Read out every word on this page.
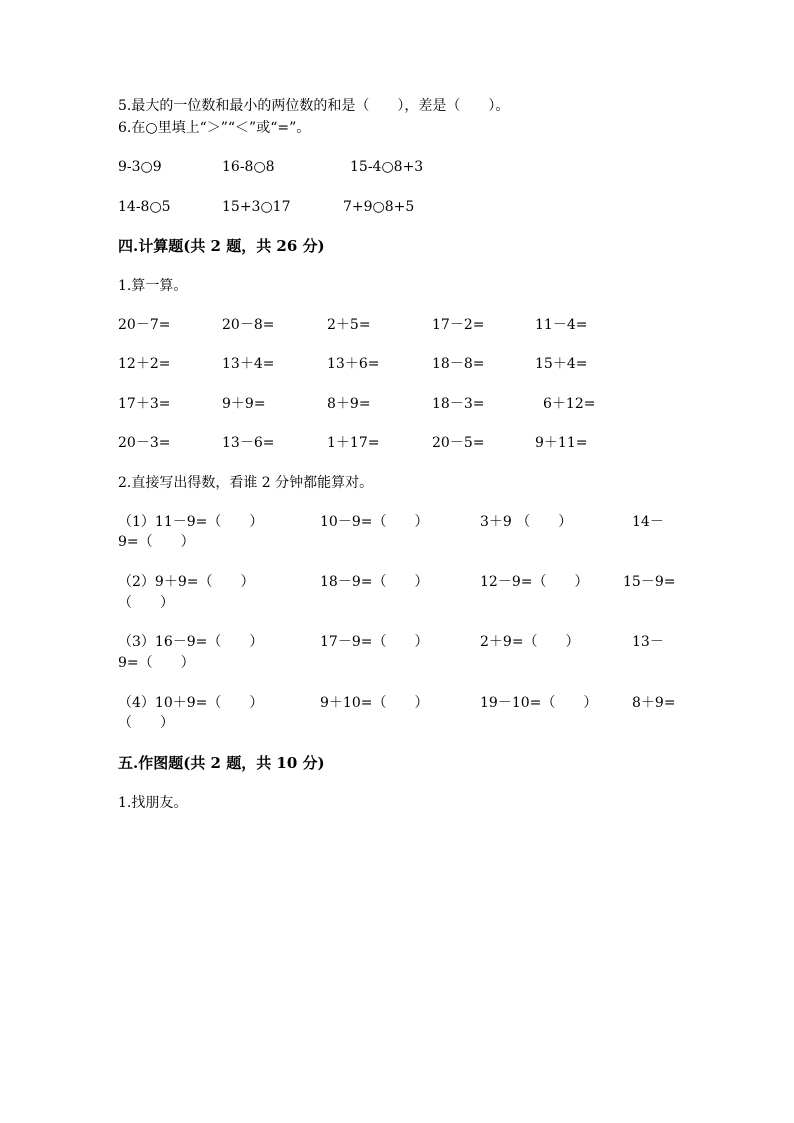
5.最大的一位数和最小的两位数的和是（　　），差是（　　）。
6.在○里填上“＞”“＜”或“=”。
9-3○9	16-8○8	15-4○8+3
14-8○5	15+3○17	7+9○8+5
四.计算题(共 2 题，共 26 分)
1.算一算。
20－7=	20－8=	2＋5=	17－2=	11－4=
12＋2=	13＋4=	13＋6=	18－8=	15＋4=
17＋3=	9＋9=	8＋9=	18－3=	6＋12=
20－3=	13－6=	1＋17=	20－5=	9＋11=
2.直接写出得数，看谁 2 分钟都能算对。
（1）11－9=（　　）	10－9=（　　）	3＋9 （　　）	14－
9=（　　）
（2）9＋9=（　　）	18－9=（　　）	12－9=（　　） 15－9=
（　　）
（3）16－9=（　　）	17－9=（　　）	2＋9=（　　）	13－
9=（　　）
（4）10＋9=（　　）	9＋10=（　　）	19－10=（　　） 8＋9=
（　　）
五.作图题(共 2 题，共 10 分)
1.找朋友。
